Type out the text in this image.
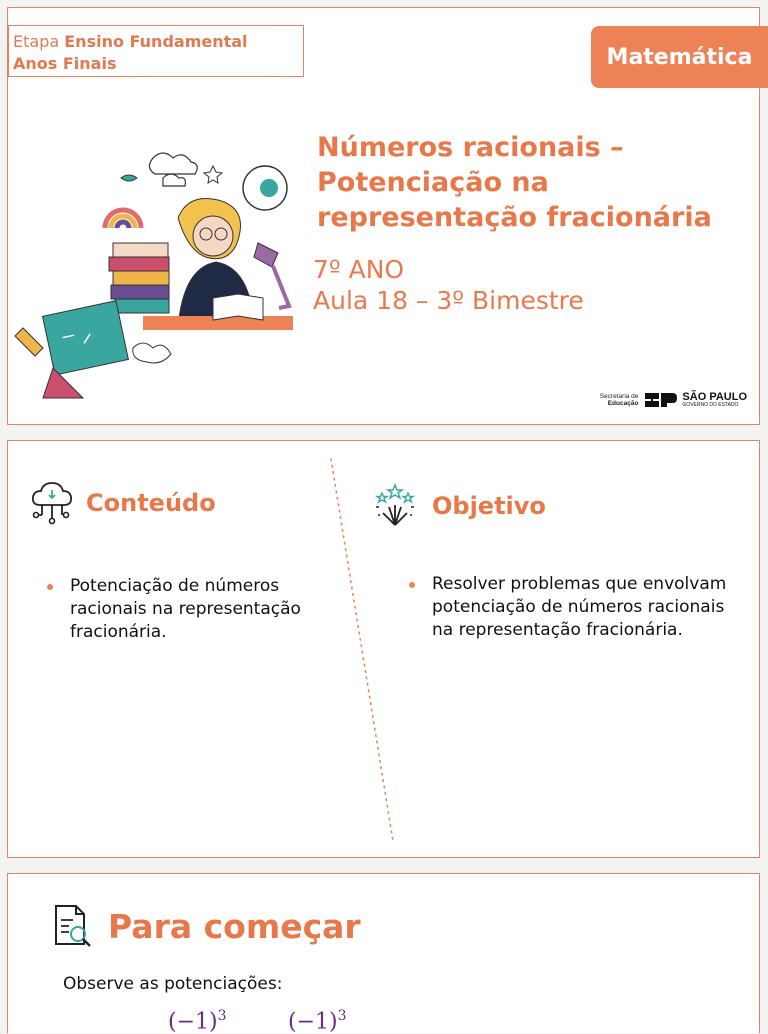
Etapa Ensino Fundamental
Anos Finais	Matemática
Números racionais – Potenciação na representação fracionária
7º ANO
Aula 18 – 3º Bimestre
Secretaria de
Educação
SÃO PAULO
GOVERNO DO ESTADO
Conteúdo	Objetivo
Potenciação de números racionais na representação fracionária.
Resolver problemas que envolvam potenciação de números racionais na representação fracionária.
Para começar
Observe as potenciações:
$(-1)^3$	$(-1)^3$
